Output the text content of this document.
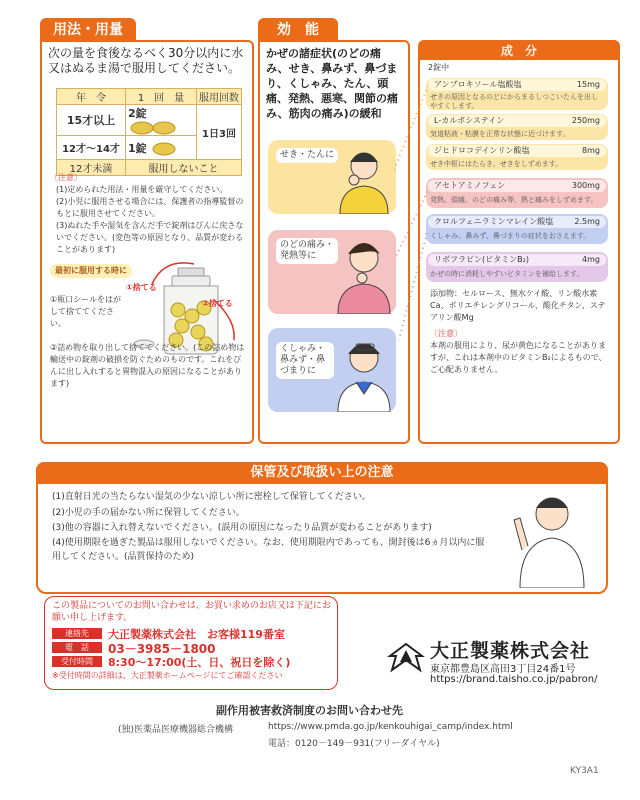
用法・用量
次の量を食後なるべく30分以内に水又はぬるま湯で服用してください。
年　令	1　回　量	服用回数
15才以上	2錠	1日3回
12才～14才	1錠	
12才未満	服用しないこと	
〔注意〕
(1)定められた用法・用量を厳守してください。
(2)小児に服用させる場合には、保護者の指導監督のもとに服用させてください。
(3)ぬれた手や湿気を含んだ手で錠剤はびんに戻さないでください。(変色等の原因となり、品質が変わることがあります)
最初に服用する時に
①捨てる
②捨てる
①瓶口シールをはがして捨ててください。
②詰め物を取り出して捨ててください。(この詰め物は輸送中の錠剤の破損を防ぐためのものです。これをびんに出し入れすると異物混入の原因になることがあります)
効　能
かぜの諸症状(のどの痛み、せき、鼻みず、鼻づまり、くしゃみ、たん、頭痛、発熱、悪寒、関節の痛み、筋肉の痛み)の緩和
せき・たんに
のどの痛み・発熱等に
くしゃみ・鼻みず・鼻づまりに
成　分
2錠中
アンブロキソール塩酸塩	15mg
せきの原因となるのどにからまるしつこいたんを出しやすくします。
L-カルボシステイン	250mg
気道粘液・粘膜を正常な状態に近づけます。
ジヒドロコデインリン酸塩	8mg
せき中枢にはたらき、せきをしずめます。
アセトアミノフェン	300mg
発熱、頭痛、のどの痛み等、熱と痛みをしずめます。
クロルフェニラミンマレイン酸塩	2.5mg
くしゃみ、鼻みず、鼻づまりの症状をおさえます。
リボフラビン(ビタミンB₂)	4mg
かぜの時に消耗しやすいビタミンを補給します。
添加物：セルロース、無水ケイ酸、リン酸水素Ca、ポリエチレングリコール、酸化チタン、ステアリン酸Mg
〔注意〕
本剤の服用により、尿が黄色になることがありますが、これは本剤中のビタミンB₂によるもので、ご心配ありません。
保管及び取扱い上の注意
(1)直射日光の当たらない湿気の少ない涼しい所に密栓して保管してください。
(2)小児の手の届かない所に保管してください。
(3)他の容器に入れ替えないでください。(誤用の原因になったり品質が変わることがあります)
(4)使用期限を過ぎた製品は服用しないでください。なお、使用期限内であっても、開封後は6ヵ月以内に服用してください。(品質保持のため)
この製品についてのお問い合わせは、お買い求めのお店又は下記にお願い申し上げます。
連絡先	大正製薬株式会社　お客様119番室
電　話	03－3985－1800
受付時間	8:30～17:00(土、日、祝日を除く)
※受付時間の詳細は、大正製薬ホームページにてご確認ください
大正製薬株式会社
東京都豊島区高田3丁目24番1号
https://brand.taisho.co.jp/pabron/
副作用被害救済制度のお問い合わせ先
(独)医薬品医療機器総合機構	https://www.pmda.go.jp/kenkouhigai_camp/index.html
電話：0120－149－931(フリーダイヤル)
KY3A1
